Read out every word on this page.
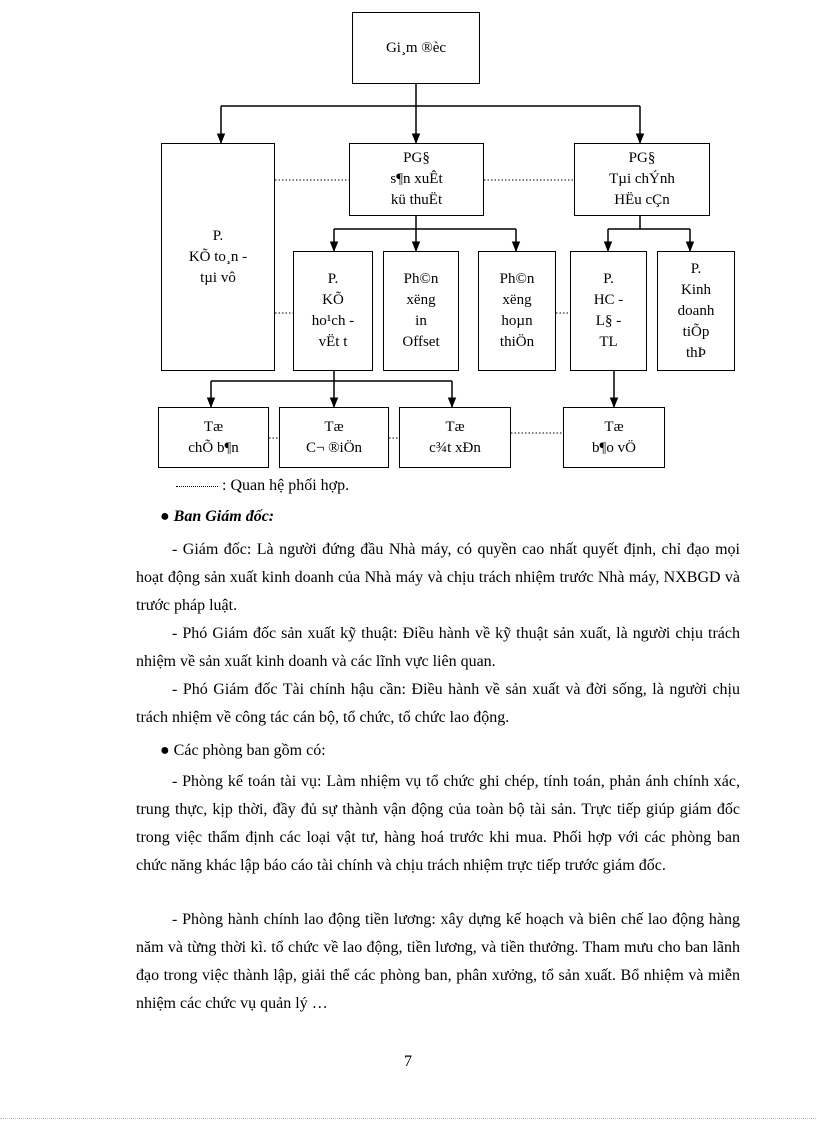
Gi¸m ®èc
P.
KÕ to¸n -
tµi vô
PG§
s¶n xuÊt
kü thuËt
PG§
Tµi chÝnh
HËu cÇn
P.
KÕ
ho¹ch -
vËt t
Ph©n
xëng
in
Offset
Ph©n
xëng
hoµn
thiÖn
P.
HC -
L§ -
TL
P.
Kinh
doanh
tiÕp
thÞ
Tæ
chÕ b¶n
Tæ
C¬ ®iÖn
Tæ
c¾t xÐn
Tæ
b¶o vÖ
: Quan hệ phối hợp.
● Ban Giám đốc:
- Giám đốc: Là người đứng đầu Nhà máy, có quyền cao nhất quyết định, chỉ đạo mọi hoạt động sản xuất kinh doanh của Nhà máy và chịu trách nhiệm trước Nhà máy, NXBGD và trước pháp luật.
- Phó Giám đốc sản xuất kỹ thuật: Điều hành về kỹ thuật sản xuất, là người chịu trách nhiệm về sản xuất kinh doanh và các lĩnh vực liên quan.
- Phó Giám đốc Tài chính hậu cần: Điều hành về sản xuất và đời sống, là người chịu trách nhiệm về công tác cán bộ, tổ chức, tổ chức lao động.
● Các phòng ban gồm có:
- Phòng kế toán tài vụ: Làm nhiệm vụ tổ chức ghi chép, tính toán, phản ánh chính xác, trung thực, kịp thời, đầy đủ sự thành vận động của toàn bộ tài sản. Trực tiếp giúp giám đốc trong việc thẩm định các loại vật tư, hàng hoá trước khi mua. Phối hợp với các phòng ban chức năng khác lập báo cáo tài chính và chịu trách nhiệm trực tiếp trước giám đốc.
- Phòng hành chính lao động tiền lương: xây dựng kế hoạch và biên chế lao động hàng năm và từng thời kì. tổ chức về lao động, tiền lương, và tiền thưởng. Tham mưu cho ban lãnh đạo trong việc thành lập, giải thể các phòng ban, phân xưởng, tổ sản xuất. Bổ nhiệm và miễn nhiệm các chức vụ quản lý …
7
